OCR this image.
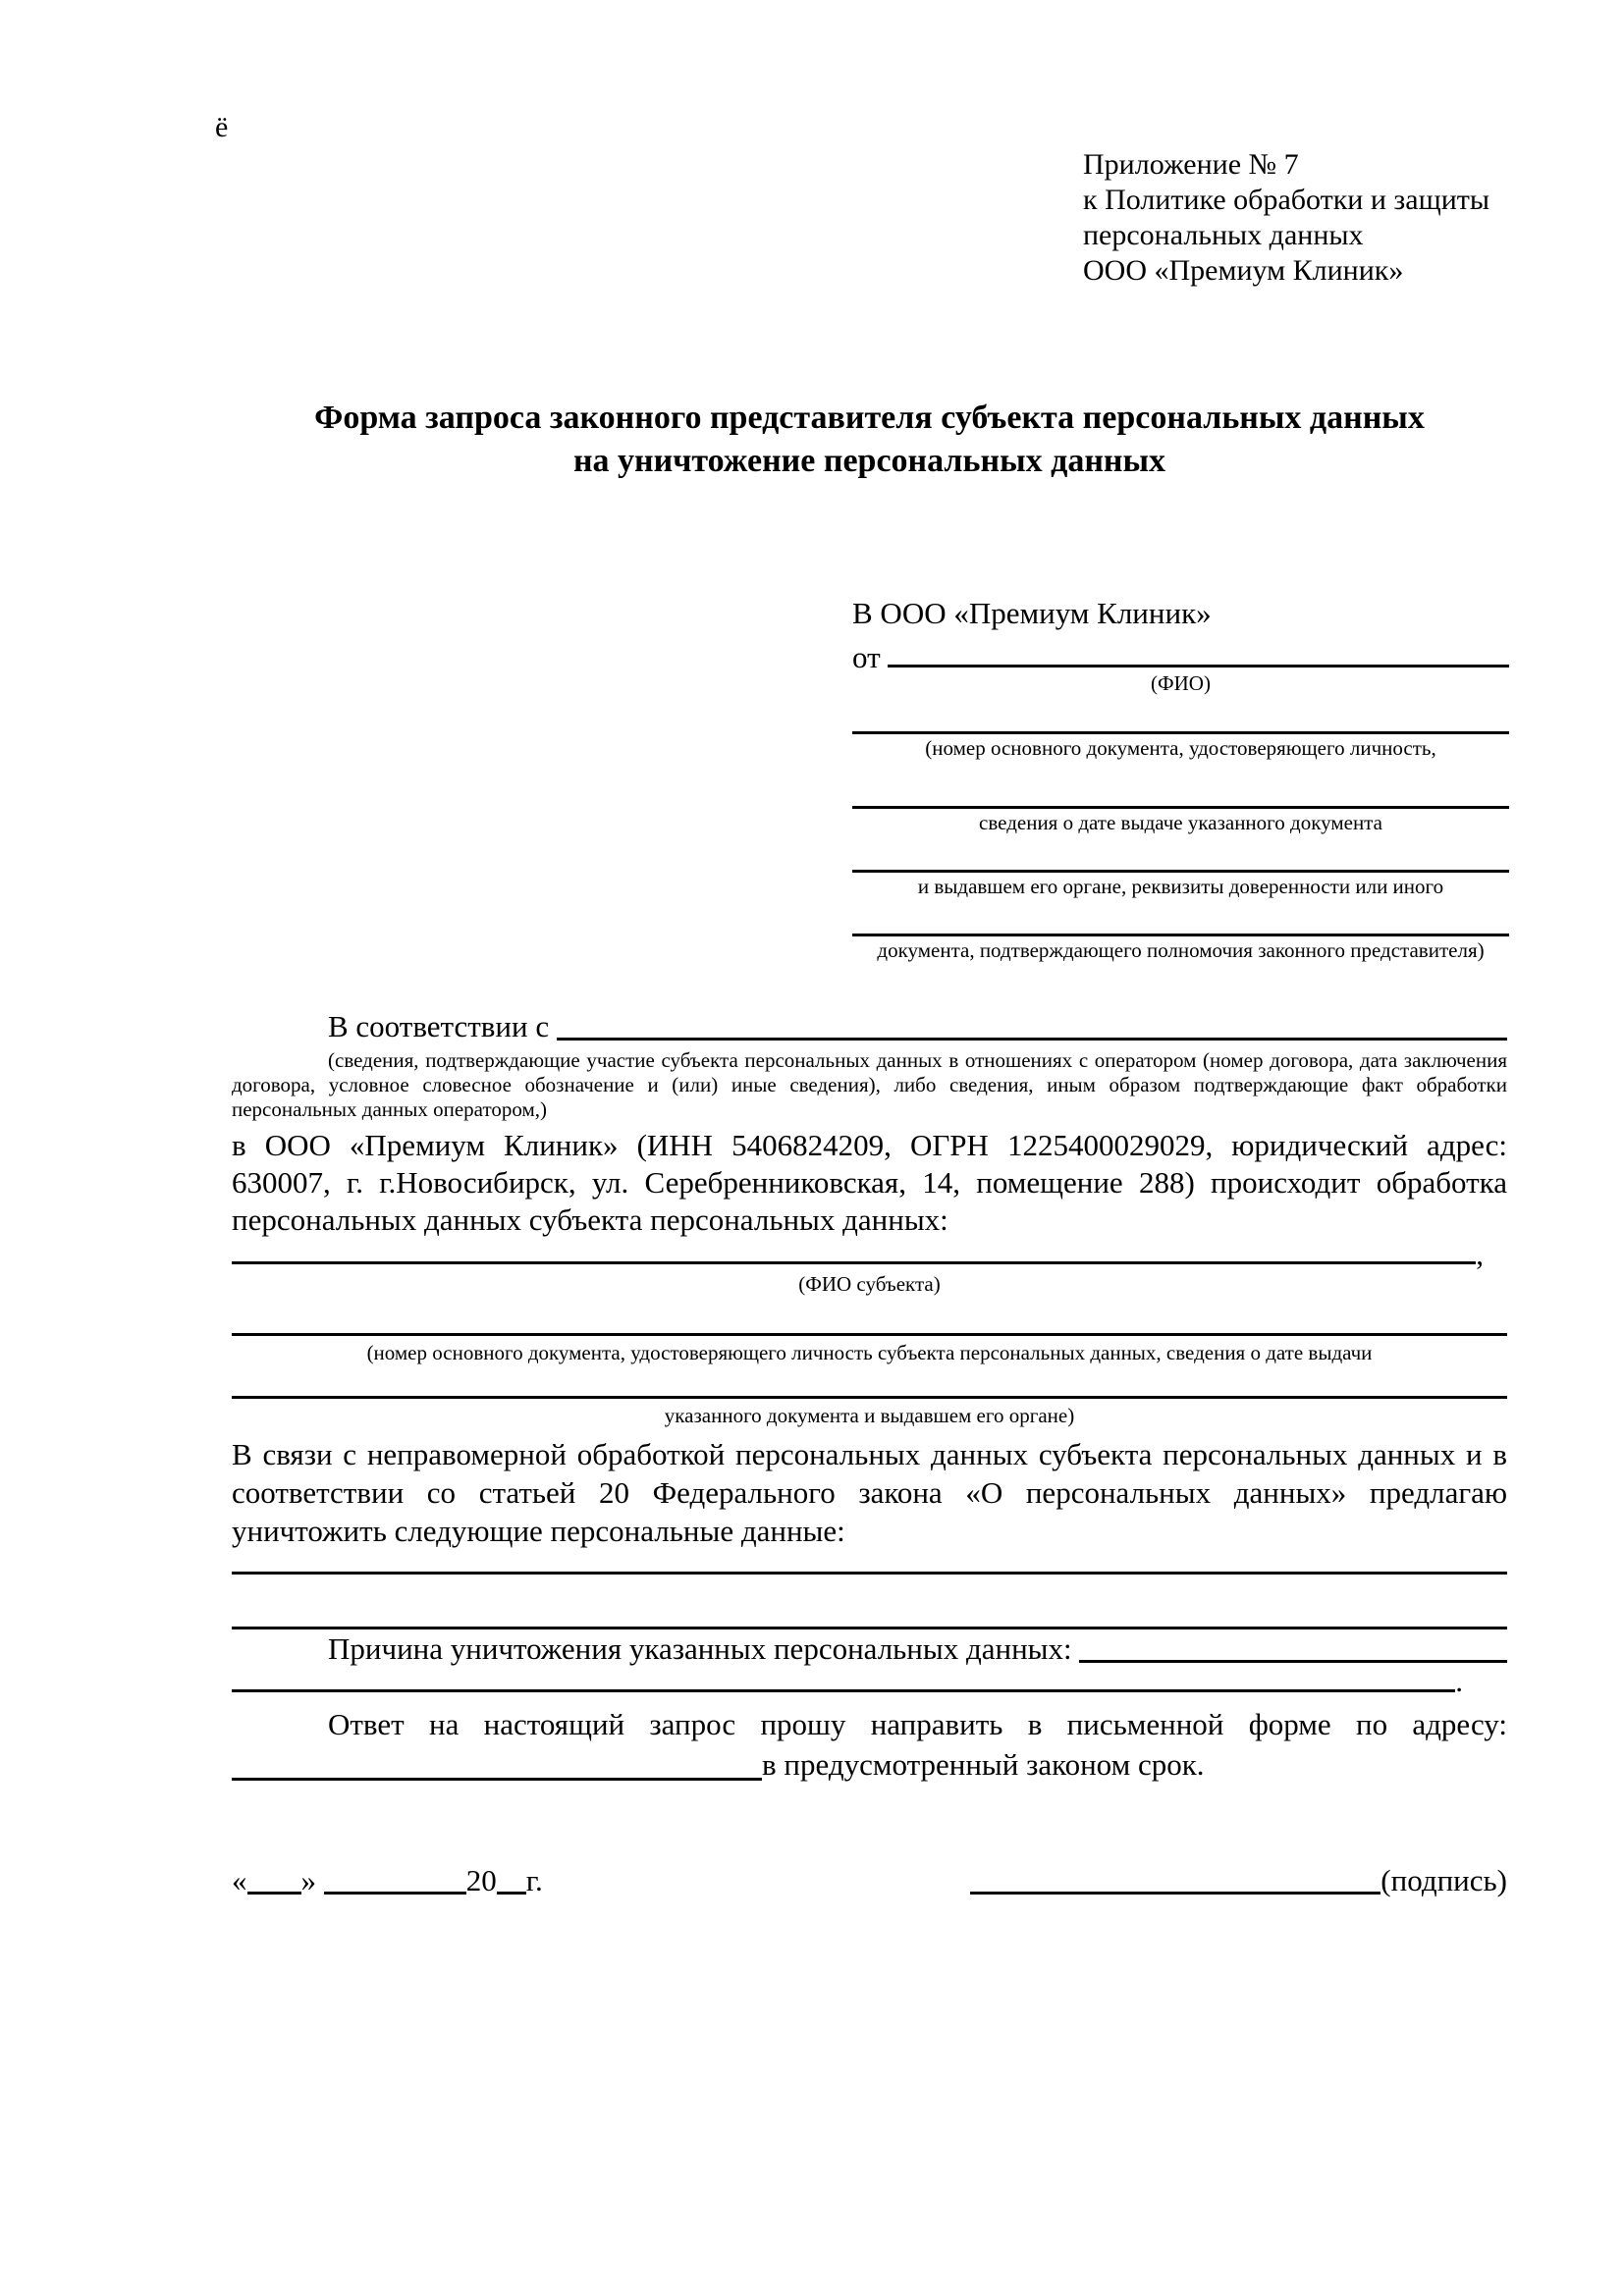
ё
Приложение № 7
к Политике обработки и защиты
персональных данных
ООО «Премиум Клиник»
Форма запроса законного представителя субъекта персональных данных
на уничтожение персональных данных
В ООО «Премиум Клиник»
от
(ФИО)
(номер основного документа, удостоверяющего личность,
сведения о дате выдаче указанного документа
и выдавшем его органе, реквизиты доверенности или иного
документа, подтверждающего полномочия законного представителя)
В соответствии с
(сведения, подтверждающие участие субъекта персональных данных в отношениях с оператором (номер договора, дата заключения договора, условное словесное обозначение и (или) иные сведения), либо сведения, иным образом подтверждающие факт обработки персональных данных оператором,)
в ООО «Премиум Клиник» (ИНН 5406824209, ОГРН 1225400029029, юридический адрес: 630007, г. г.Новосибирск, ул. Серебренниковская, 14, помещение 288) происходит обработка персональных данных субъекта персональных данных:
,
(ФИО субъекта)
(номер основного документа, удостоверяющего личность субъекта персональных данных, сведения о дате выдачи
указанного документа и выдавшем его органе)
В связи с неправомерной обработкой персональных данных субъекта персональных данных и в соответствии со статьей 20 Федерального закона «О персональных данных» предлагаю уничтожить следующие персональные данные:
Причина уничтожения указанных персональных данных:
.
Ответ на настоящий запрос прошу направить в письменной форме по адресу:
в предусмотренный законом срок.
« »	20 г.	(подпись)
